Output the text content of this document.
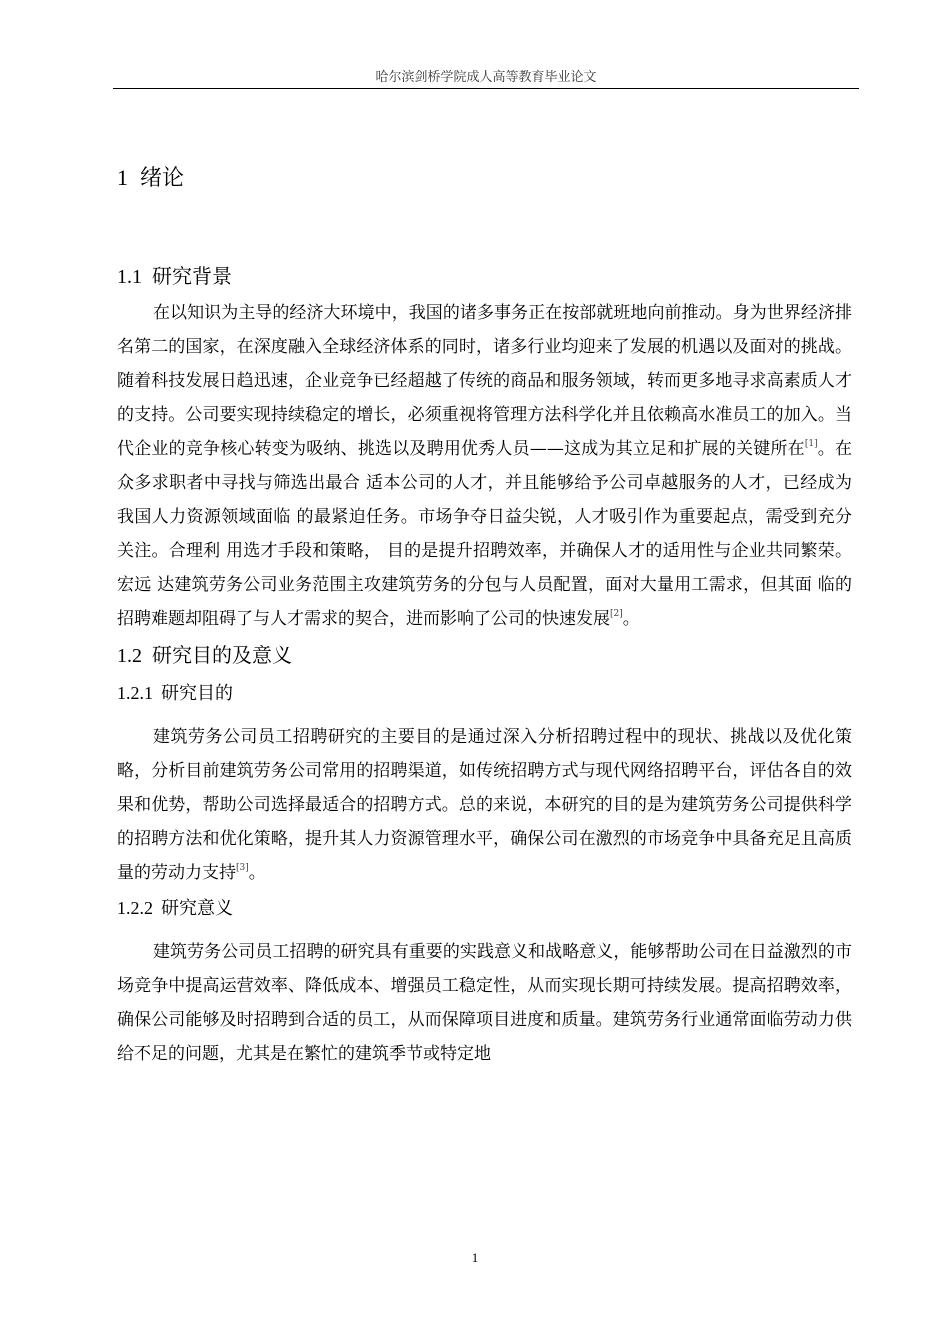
哈尔滨剑桥学院成人高等教育毕业论文
1 绪论
1.1 研究背景

在以知识为主导的经济大环境中，我国的诸多事务正在按部就班地向前推动。身为世界经济排名第二的国家，在深度融入全球经济体系的同时，诸多行业均迎来了发展的机遇以及面对的挑战。随着科技发展日趋迅速，企业竞争已经超越了传统的商品和服务领域，转而更多地寻求高素质人才的支持。公司要实现持续稳定的增长，必须重视将管理方法科学化并且依赖高水准员工的加入。当代企业的竞争核心转变为吸纳、挑选以及聘用优秀人员——这成为其立足和扩展的关键所在[1]。在众多求职者中寻找与筛选出最合 适本公司的人才，并且能够给予公司卓越服务的人才，已经成为我国人力资源领域面临 的最紧迫任务。市场争夺日益尖锐，人才吸引作为重要起点，需受到充分关注。合理利 用选才手段和策略， 目的是提升招聘效率，并确保人才的适用性与企业共同繁荣。宏远 达建筑劳务公司业务范围主攻建筑劳务的分包与人员配置，面对大量用工需求，但其面 临的招聘难题却阻碍了与人才需求的契合，进而影响了公司的快速发展[2]。

1.2 研究目的及意义
1.2.1 研究目的

建筑劳务公司员工招聘研究的主要目的是通过深入分析招聘过程中的现状、挑战以及优化策略，分析目前建筑劳务公司常用的招聘渠道，如传统招聘方式与现代网络招聘平台，评估各自的效果和优势，帮助公司选择最适合的招聘方式。总的来说，本研究的目的是为建筑劳务公司提供科学的招聘方法和优化策略，提升其人力资源管理水平，确保公司在激烈的市场竞争中具备充足且高质量的劳动力支持[3]。

1.2.2 研究意义

建筑劳务公司员工招聘的研究具有重要的实践意义和战略意义，能够帮助公司在日益激烈的市场竞争中提高运营效率、降低成本、增强员工稳定性，从而实现长期可持续发展。提高招聘效率，确保公司能够及时招聘到合适的员工，从而保障项目进度和质量。建筑劳务行业通常面临劳动力供给不足的问题，尤其是在繁忙的建筑季节或特定地

1
